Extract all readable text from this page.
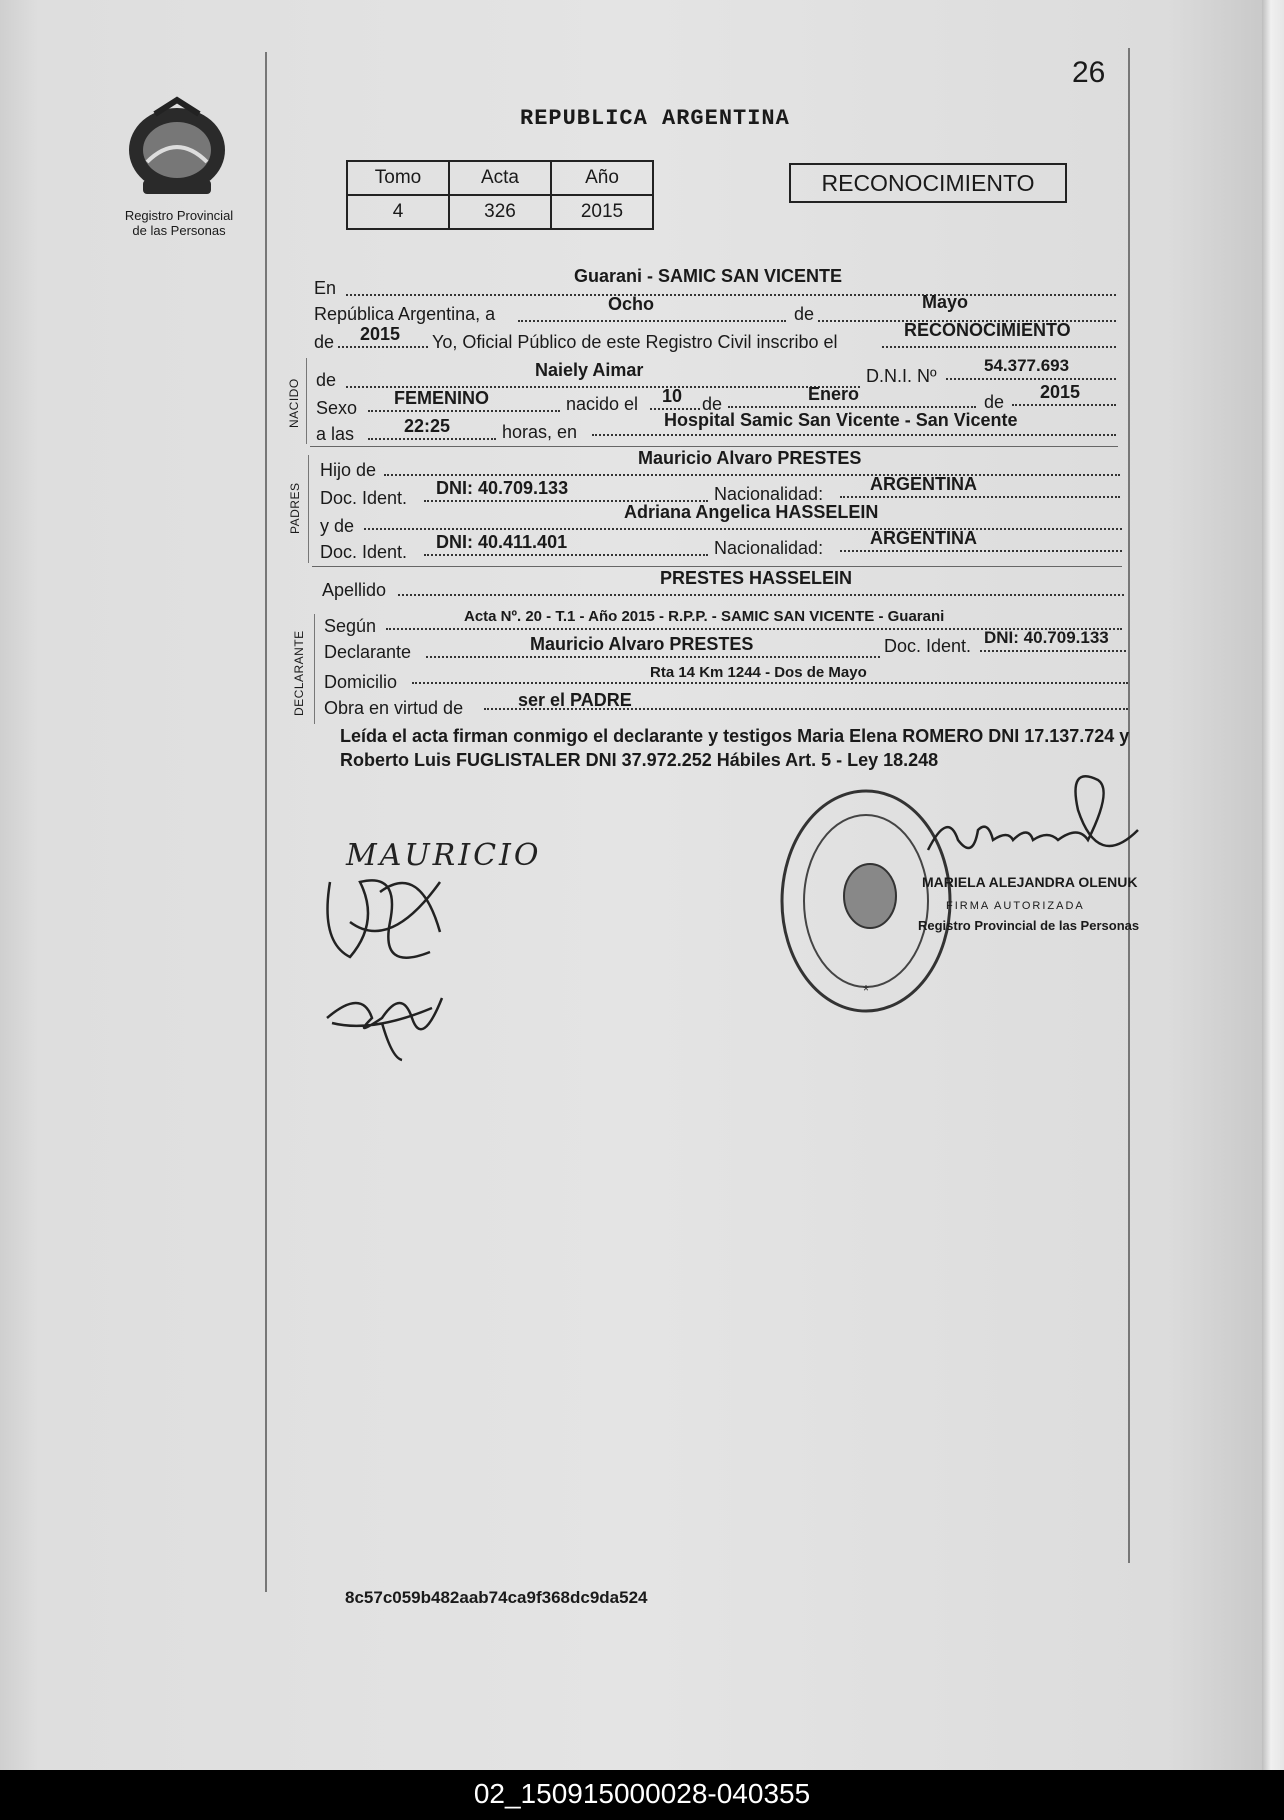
Registro Provincial
de las Personas
26
REPUBLICA ARGENTINA
Tomo	Acta	Año
4	326	2015
RECONOCIMIENTO
En
Guarani - SAMIC SAN VICENTE
República Argentina, a	Ocho	de
Mayo
de 2015 Yo, Oficial Público de este Registro Civil inscribo el
RECONOCIMIENTO
NACIDO de	Naiely Aimar	D.N.I. Nº
54.377.693
Sexo FEMENINO	nacido el 10 de	Enero	de 2015
a las	22:25	horas, en
Hospital Samic San Vicente - San Vicente
PADRES
Hijo de
Mauricio Alvaro PRESTES
Doc. Ident. DNI: 40.709.133	Nacionalidad:	ARGENTINA
y de
Adriana Angelica HASSELEIN
Doc. Ident. DNI: 40.411.401	Nacionalidad:	ARGENTINA
Apellido
PRESTES HASSELEIN
DECLARANTE
Según	Acta Nº. 20 - T.1 - Año 2015 - R.P.P. - SAMIC SAN VICENTE - Guarani
Declarante	Mauricio Alvaro PRESTES	Doc. Ident. DNI: 40.709.133
Domicilio	Rta 14 Km 1244 - Dos de Mayo
Obra en virtud de	ser el PADRE
Leída el acta firman conmigo el declarante y testigos Maria Elena ROMERO DNI 17.137.724 y Roberto Luis FUGLISTALER DNI 37.972.252 Hábiles Art. 5 - Ley 18.248
MAURICIO
*
MARIELA ALEJANDRA OLENUK
FIRMA AUTORIZADA
Registro Provincial de las Personas
8c57c059b482aab74ca9f368dc9da524
02_150915000028-040355
